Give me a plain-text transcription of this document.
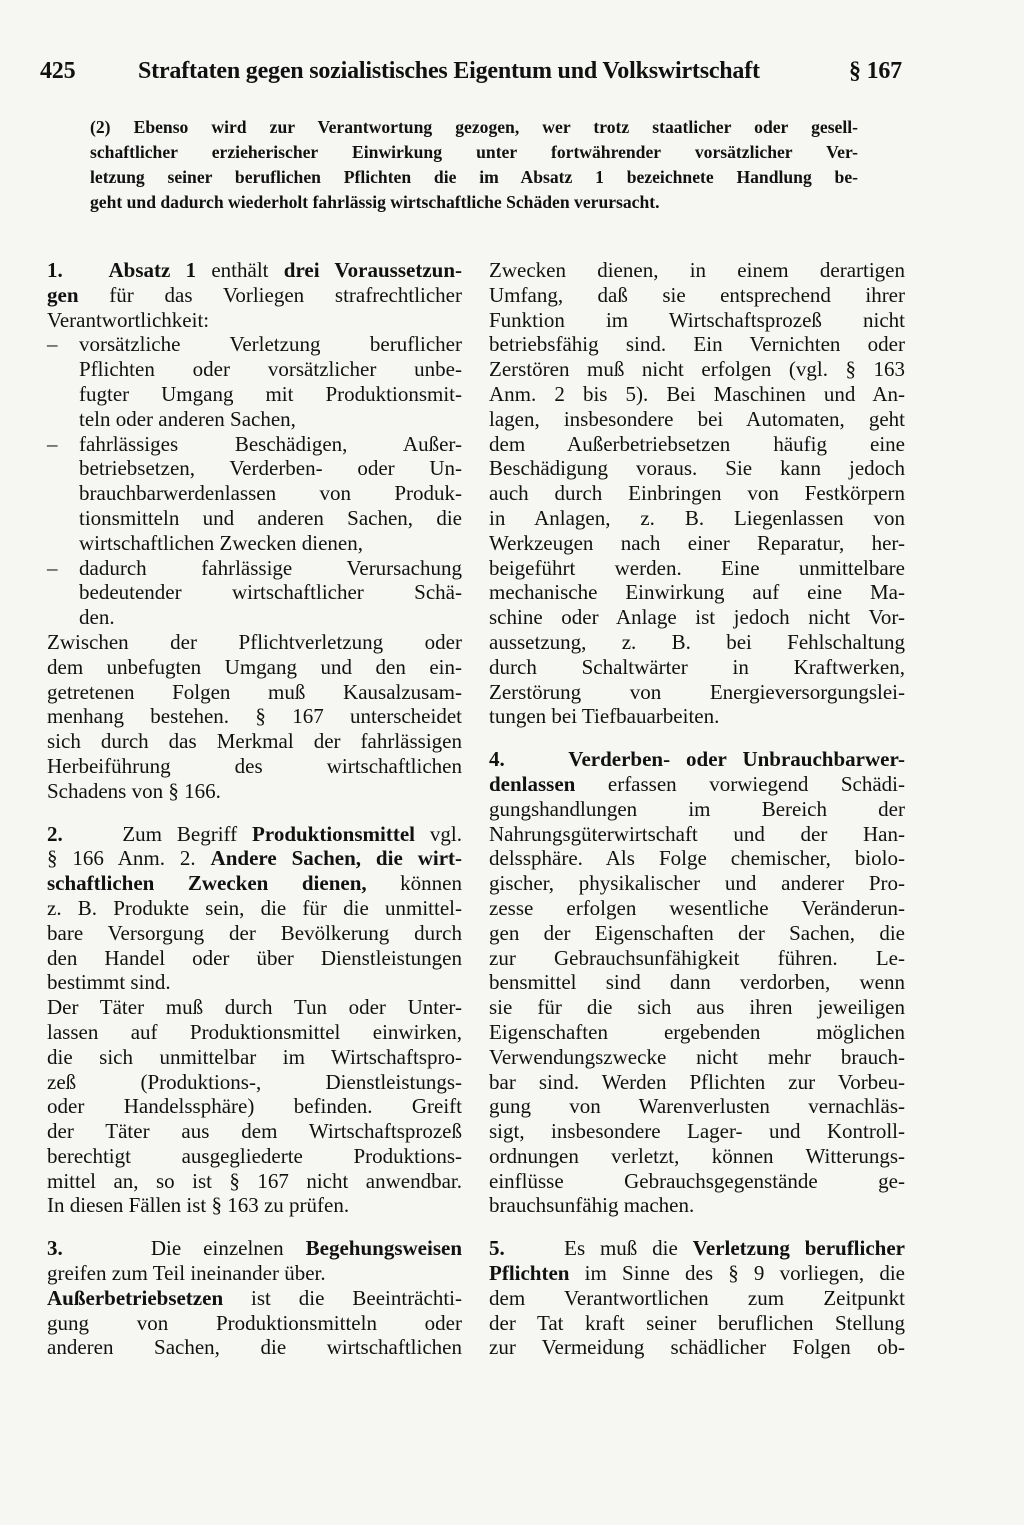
425	Straftaten gegen sozialistisches Eigentum und Volkswirtschaft	§ 167
(2) Ebenso wird zur Verantwortung gezogen, wer trotz staatlicher oder gesell-
schaftlicher erzieherischer Einwirkung unter fortwährender vorsätzlicher Ver-
letzung seiner beruflichen Pflichten die im Absatz 1 bezeichnete Handlung be-
geht und dadurch wiederholt fahrlässig wirtschaftliche Schäden verursacht.
1. Absatz 1 enthält drei Voraussetzun-
gen für das Vorliegen strafrechtlicher
Verantwortlichkeit:
– vorsätzliche Verletzung beruflicher
Pflichten oder vorsätzlicher unbe-
fugter Umgang mit Produktionsmit-
teln oder anderen Sachen,
– fahrlässiges Beschädigen, Außer-
betriebsetzen, Verderben- oder Un-
brauchbarwerdenlassen von Produk-
tionsmitteln und anderen Sachen, die
wirtschaftlichen Zwecken dienen,
– dadurch fahrlässige Verursachung
bedeutender wirtschaftlicher Schä-
den.
Zwischen der Pflichtverletzung oder
dem unbefugten Umgang und den ein-
getretenen Folgen muß Kausalzusam-
menhang bestehen. § 167 unterscheidet
sich durch das Merkmal der fahrlässigen
Herbeiführung des wirtschaftlichen
Schadens von § 166.
2.    Zum Begriff Produktionsmittel vgl.
§ 166 Anm. 2. Andere Sachen, die wirt-
schaftlichen Zwecken dienen, können
z. B. Produkte sein, die für die unmittel-
bare Versorgung der Bevölkerung durch
den Handel oder über Dienstleistungen
bestimmt sind.
Der Täter muß durch Tun oder Unter-
lassen auf Produktionsmittel einwirken,
die sich unmittelbar im Wirtschaftspro-
zeß (Produktions-, Dienstleistungs-
oder Handelssphäre) befinden. Greift
der Täter aus dem Wirtschaftsprozeß
berechtigt ausgegliederte Produktions-
mittel an, so ist § 167 nicht anwendbar.
In diesen Fällen ist § 163 zu prüfen.
3.	Die einzelnen Begehungsweisen
greifen zum Teil ineinander über.
Außerbetriebsetzen ist die Beeinträchti-
gung von Produktionsmitteln oder
anderen Sachen, die wirtschaftlichen
Zwecken dienen, in einem derartigen
Umfang, daß sie entsprechend ihrer
Funktion im Wirtschaftsprozeß nicht
betriebsfähig sind. Ein Vernichten oder
Zerstören muß nicht erfolgen (vgl. § 163
Anm. 2 bis 5). Bei Maschinen und An-
lagen, insbesondere bei Automaten, geht
dem Außerbetriebsetzen häufig eine
Beschädigung voraus. Sie kann jedoch
auch durch Einbringen von Festkörpern
in Anlagen, z. B. Liegenlassen von
Werkzeugen nach einer Reparatur, her-
beigeführt werden. Eine unmittelbare
mechanische Einwirkung auf eine Ma-
schine oder Anlage ist jedoch nicht Vor-
aussetzung, z. B. bei Fehlschaltung
durch Schaltwärter in Kraftwerken,
Zerstörung von Energieversorgungslei-
tungen bei Tiefbauarbeiten.
4.    Verderben- oder Unbrauchbarwer-
denlassen erfassen vorwiegend Schädi-
gungshandlungen im Bereich der
Nahrungsgüterwirtschaft und der Han-
delssphäre. Als Folge chemischer, biolo-
gischer, physikalischer und anderer Pro-
zesse erfolgen wesentliche Veränderun-
gen der Eigenschaften der Sachen, die
zur Gebrauchsunfähigkeit führen. Le-
bensmittel sind dann verdorben, wenn
sie für die sich aus ihren jeweiligen
Eigenschaften ergebenden möglichen
Verwendungszwecke nicht mehr brauch-
bar sind. Werden Pflichten zur Vorbeu-
gung von Warenverlusten vernachläs-
sigt, insbesondere Lager- und Kontroll-
ordnungen verletzt, können Witterungs-
einflüsse Gebrauchsgegenstände ge-
brauchsunfähig machen.
5.    Es muß die Verletzung beruflicher
Pflichten im Sinne des § 9 vorliegen, die
dem Verantwortlichen zum Zeitpunkt
der Tat kraft seiner beruflichen Stellung
zur Vermeidung schädlicher Folgen ob-
